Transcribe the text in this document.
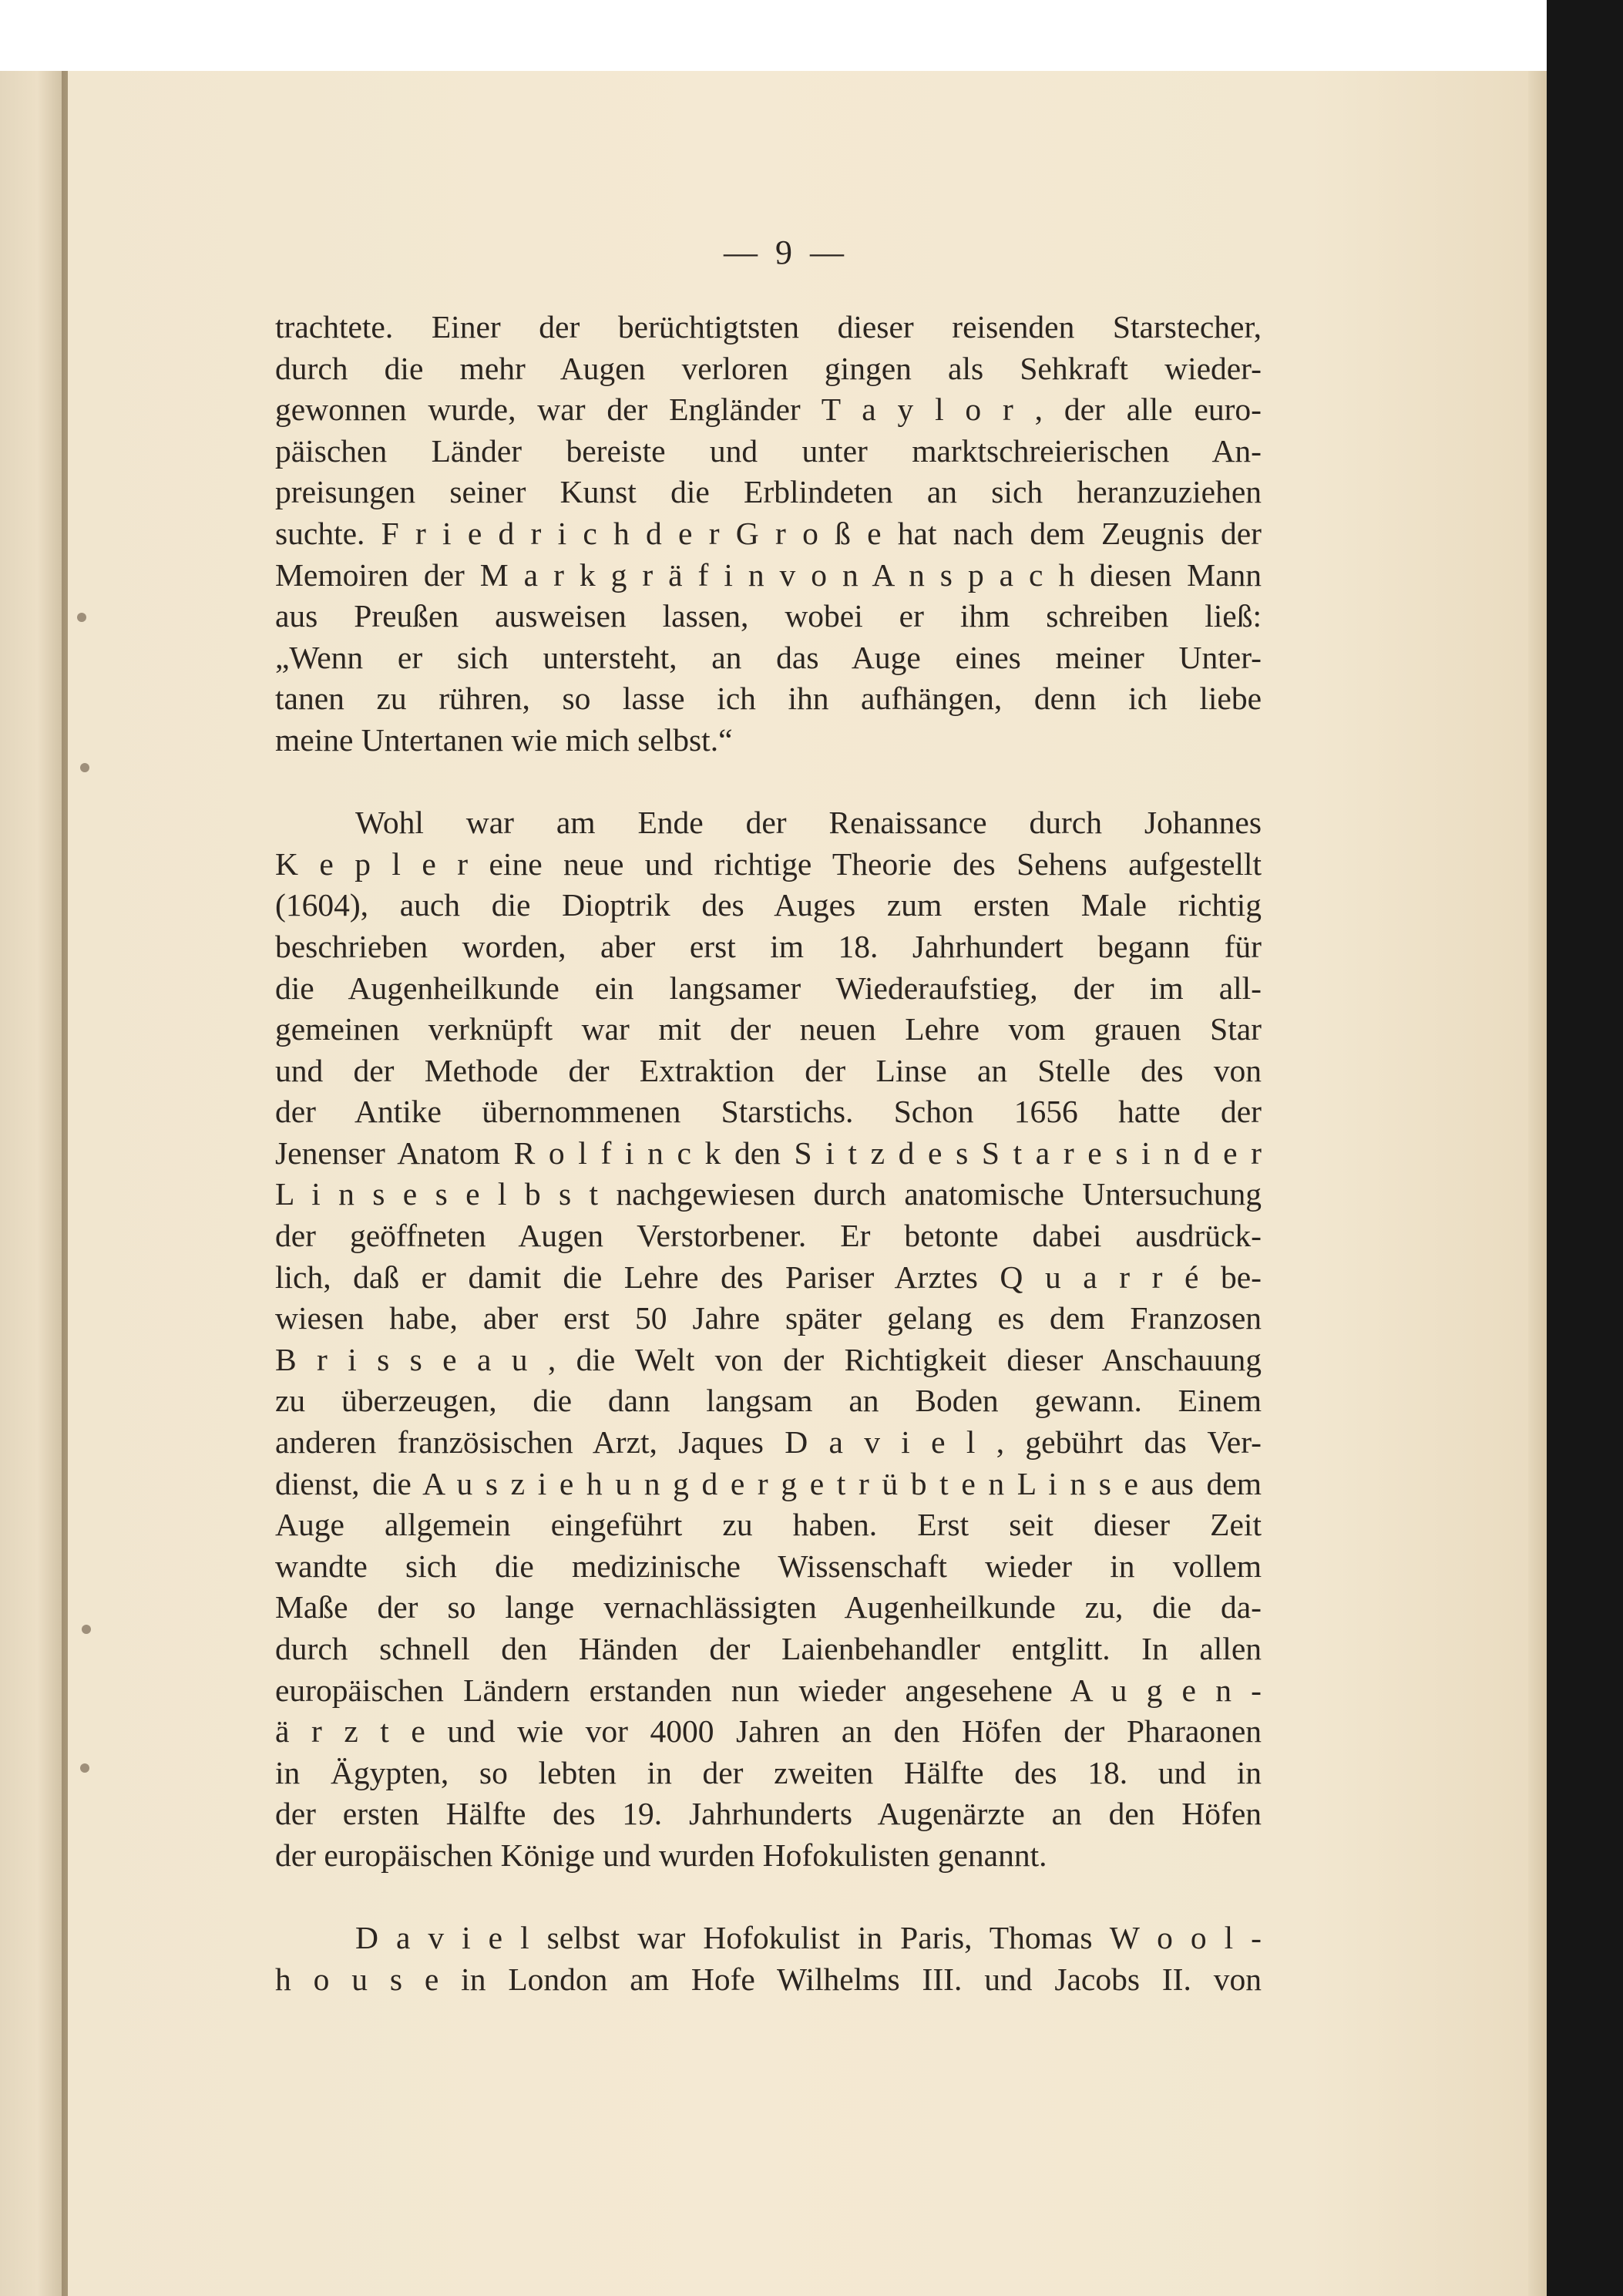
— 9 —
trachtete. Einer der berüchtigtsten dieser reisenden Starstecher,
durch die mehr Augen verloren gingen als Sehkraft wieder-
gewonnen wurde, war der Engländer T a y l o r , der alle euro-
päischen Länder bereiste und unter marktschreierischen An-
preisungen seiner Kunst die Erblindeten an sich heranzuziehen
suchte. F r i e d r i c h d e r G r o ß e hat nach dem Zeugnis der
Memoiren der M a r k g r ä f i n v o n A n s p a c h diesen Mann
aus Preußen ausweisen lassen, wobei er ihm schreiben ließ:
„Wenn er sich untersteht, an das Auge eines meiner Unter-
tanen zu rühren, so lasse ich ihn aufhängen, denn ich liebe
meine Untertanen wie mich selbst.“
Wohl war am Ende der Renaissance durch Johannes
K e p l e r eine neue und richtige Theorie des Sehens aufgestellt
(1604), auch die Dioptrik des Auges zum ersten Male richtig
beschrieben worden, aber erst im 18. Jahrhundert begann für
die Augenheilkunde ein langsamer Wiederaufstieg, der im all-
gemeinen verknüpft war mit der neuen Lehre vom grauen Star
und der Methode der Extraktion der Linse an Stelle des von
der Antike übernommenen Starstichs. Schon 1656 hatte der
Jenenser Anatom R o l f i n c k den S i t z d e s S t a r e s i n d e r
L i n s e s e l b s t nachgewiesen durch anatomische Untersuchung
der geöffneten Augen Verstorbener. Er betonte dabei ausdrück-
lich, daß er damit die Lehre des Pariser Arztes Q u a r r é be-
wiesen habe, aber erst 50 Jahre später gelang es dem Franzosen
B r i s s e a u , die Welt von der Richtigkeit dieser Anschauung
zu überzeugen, die dann langsam an Boden gewann. Einem
anderen französischen Arzt, Jaques D a v i e l , gebührt das Ver-
dienst, die A u s z i e h u n g d e r g e t r ü b t e n L i n s e aus dem
Auge allgemein eingeführt zu haben. Erst seit dieser Zeit
wandte sich die medizinische Wissenschaft wieder in vollem
Maße der so lange vernachlässigten Augenheilkunde zu, die da-
durch schnell den Händen der Laienbehandler entglitt. In allen
europäischen Ländern erstanden nun wieder angesehene A u g e n -
ä r z t e und wie vor 4000 Jahren an den Höfen der Pharaonen
in Ägypten, so lebten in der zweiten Hälfte des 18. und in
der ersten Hälfte des 19. Jahrhunderts Augenärzte an den Höfen
der europäischen Könige und wurden Hofokulisten genannt.
D a v i e l selbst war Hofokulist in Paris, Thomas W o o l -
h o u s e in London am Hofe Wilhelms III. und Jacobs II. von
